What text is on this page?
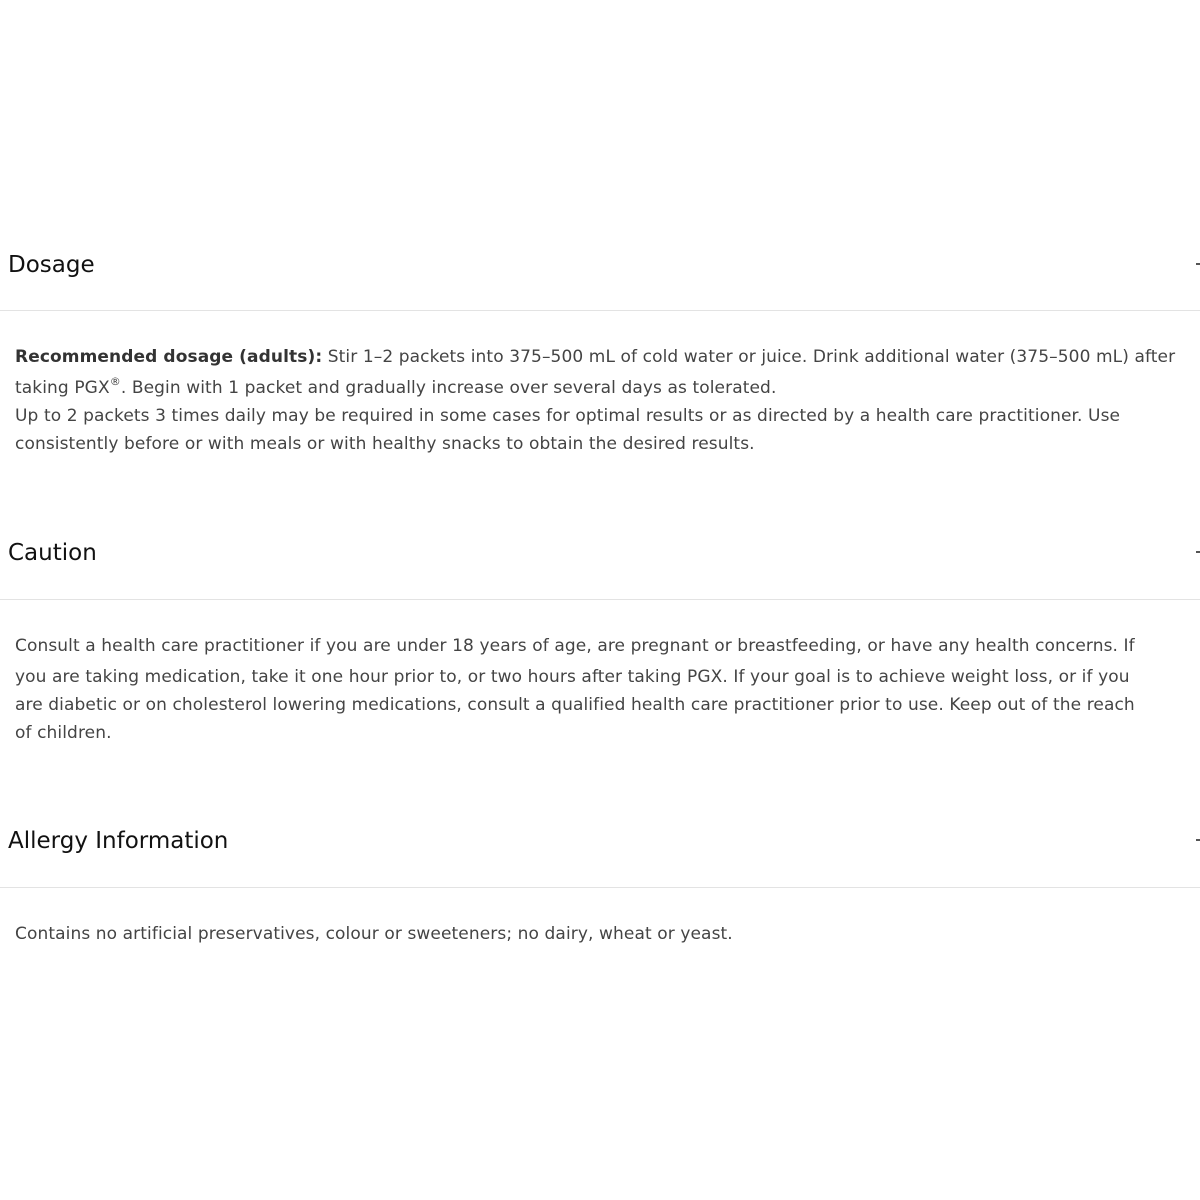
Dosage

Recommended dosage (adults): Stir 1–2 packets into 375–500 mL of cold water or juice. Drink additional water (375–500 mL) after

taking PGX®. Begin with 1 packet and gradually increase over several days as tolerated.

Up to 2 packets 3 times daily may be required in some cases for optimal results or as directed by a health care practitioner. Use

consistently before or with meals or with healthy snacks to obtain the desired results.

Caution

Consult a health care practitioner if you are under 18 years of age, are pregnant or breastfeeding, or have any health concerns. If

you are taking medication, take it one hour prior to, or two hours after taking PGX. If your goal is to achieve weight loss, or if you

are diabetic or on cholesterol lowering medications, consult a qualified health care practitioner prior to use. Keep out of the reach

of children.

Allergy Information

Contains no artificial preservatives, colour or sweeteners; no dairy, wheat or yeast.
